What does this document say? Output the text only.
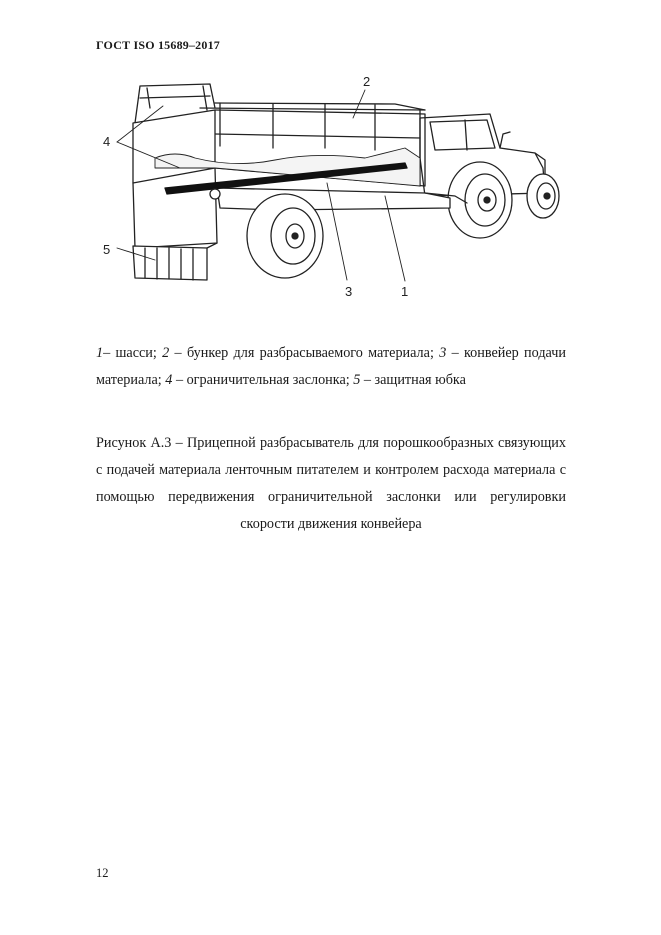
ГОСТ ISO 15689–2017
2
4
5
3	1
1– шасси; 2 – бункер для разбрасываемого материала; 3 – конвейер подачи материала; 4 – ограничительная заслонка; 5 – защитная юбка
Рисунок А.3 – Прицепной разбрасыватель для порошкообразных связующих с подачей материала ленточным питателем и контролем расхода материала с помощью передвижения ограничительной заслонки или регулировки скорости движения конвейера
12
